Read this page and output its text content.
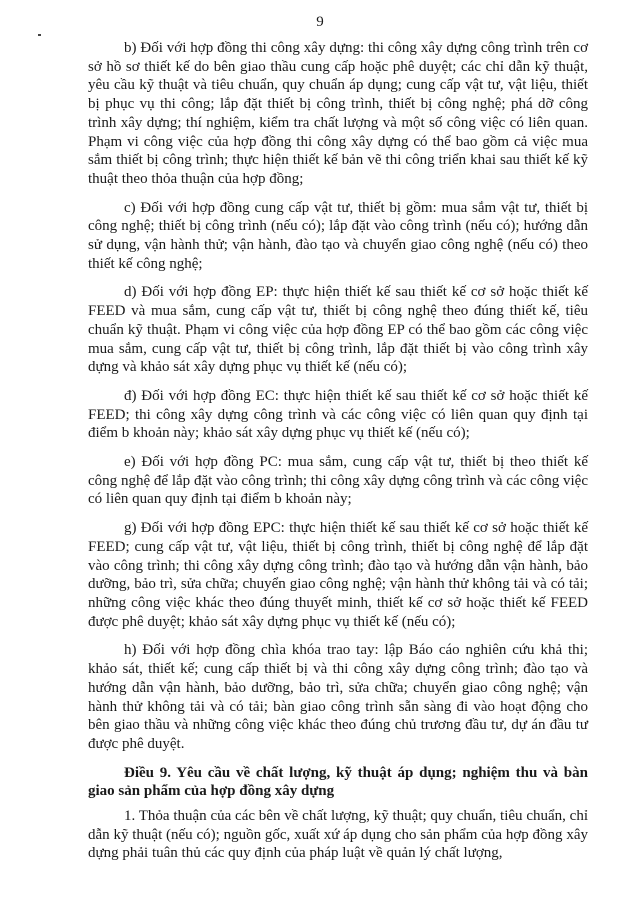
9

b) Đối với hợp đồng thi công xây dựng: thi công xây dựng công trình trên cơ sở hồ sơ thiết kế do bên giao thầu cung cấp hoặc phê duyệt; các chỉ dẫn kỹ thuật, yêu cầu kỹ thuật và tiêu chuẩn, quy chuẩn áp dụng; cung cấp vật tư, vật liệu, thiết bị phục vụ thi công; lắp đặt thiết bị công trình, thiết bị công nghệ; phá dỡ công trình xây dựng; thí nghiệm, kiểm tra chất lượng và một số công việc có liên quan. Phạm vi công việc của hợp đồng thi công xây dựng có thể bao gồm cả việc mua sắm thiết bị công trình; thực hiện thiết kế bản vẽ thi công triển khai sau thiết kế kỹ thuật theo thỏa thuận của hợp đồng;

c) Đối với hợp đồng cung cấp vật tư, thiết bị gồm: mua sắm vật tư, thiết bị công nghệ; thiết bị công trình (nếu có); lắp đặt vào công trình (nếu có); hướng dẫn sử dụng, vận hành thử; vận hành, đào tạo và chuyển giao công nghệ (nếu có) theo thiết kế công nghệ;

d) Đối với hợp đồng EP: thực hiện thiết kế sau thiết kế cơ sở hoặc thiết kế FEED và mua sắm, cung cấp vật tư, thiết bị công nghệ theo đúng thiết kế, tiêu chuẩn kỹ thuật. Phạm vi công việc của hợp đồng EP có thể bao gồm các công việc mua sắm, cung cấp vật tư, thiết bị công trình, lắp đặt thiết bị vào công trình xây dựng và khảo sát xây dựng phục vụ thiết kế (nếu có);

đ) Đối với hợp đồng EC: thực hiện thiết kế sau thiết kế cơ sở hoặc thiết kế FEED; thi công xây dựng công trình và các công việc có liên quan quy định tại điểm b khoản này; khảo sát xây dựng phục vụ thiết kế (nếu có);

e) Đối với hợp đồng PC: mua sắm, cung cấp vật tư, thiết bị theo thiết kế công nghệ để lắp đặt vào công trình; thi công xây dựng công trình và các công việc có liên quan quy định tại điểm b khoản này;

g) Đối với hợp đồng EPC: thực hiện thiết kế sau thiết kế cơ sở hoặc thiết kế FEED; cung cấp vật tư, vật liệu, thiết bị công trình, thiết bị công nghệ để lắp đặt vào công trình; thi công xây dựng công trình; đào tạo và hướng dẫn vận hành, bảo dưỡng, bảo trì, sửa chữa; chuyển giao công nghệ; vận hành thử không tải và có tải; những công việc khác theo đúng thuyết minh, thiết kế cơ sở hoặc thiết kế FEED được phê duyệt; khảo sát xây dựng phục vụ thiết kế (nếu có);

h) Đối với hợp đồng chìa khóa trao tay: lập Báo cáo nghiên cứu khả thi; khảo sát, thiết kế; cung cấp thiết bị và thi công xây dựng công trình; đào tạo và hướng dẫn vận hành, bảo dưỡng, bảo trì, sửa chữa; chuyển giao công nghệ; vận hành thử không tải và có tải; bàn giao công trình sẵn sàng đi vào hoạt động cho bên giao thầu và những công việc khác theo đúng chủ trương đầu tư, dự án đầu tư được phê duyệt.

Điều 9. Yêu cầu về chất lượng, kỹ thuật áp dụng; nghiệm thu và bàn giao sản phẩm của hợp đồng xây dựng

1. Thỏa thuận của các bên về chất lượng, kỹ thuật; quy chuẩn, tiêu chuẩn, chỉ dẫn kỹ thuật (nếu có); nguồn gốc, xuất xứ áp dụng cho sản phẩm của hợp đồng xây dựng phải tuân thủ các quy định của pháp luật về quản lý chất lượng,
